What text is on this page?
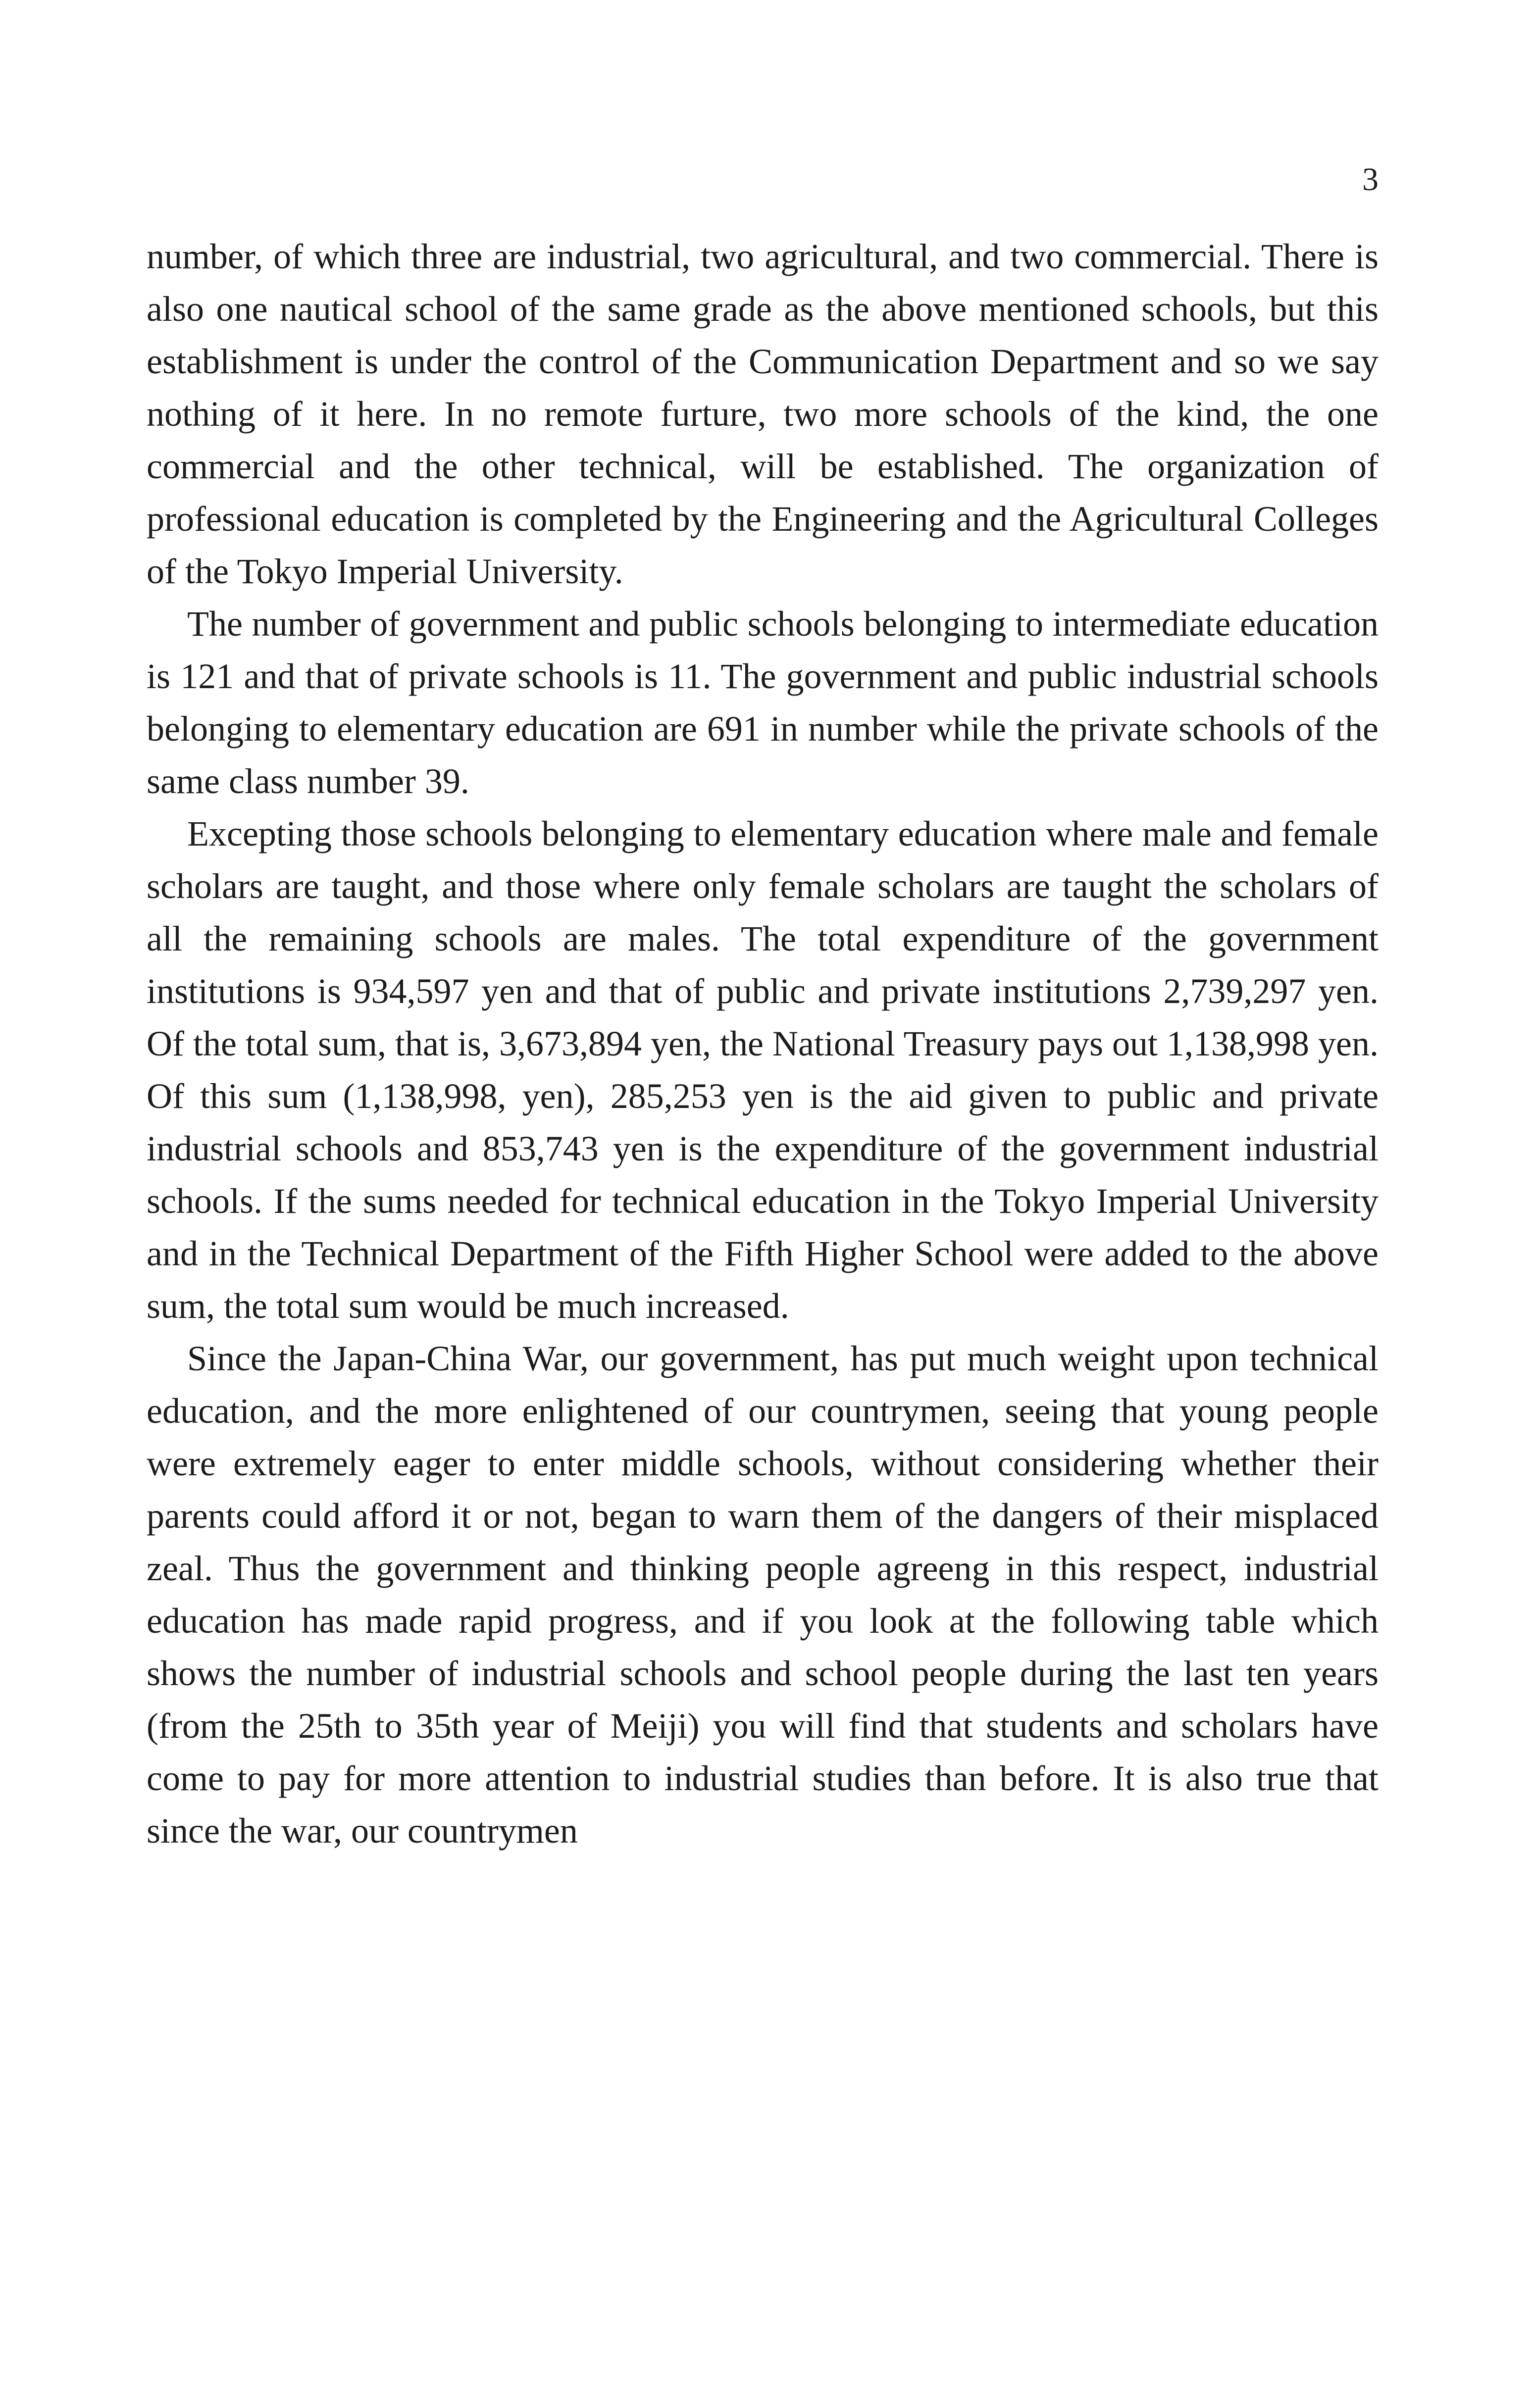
3

number, of which three are industrial, two agricultural, and two commercial. There is also one nautical school of the same grade as the above mentioned schools, but this establishment is under the control of the Communication Department and so we say nothing of it here. In no remote furture, two more schools of the kind, the one commercial and the other technical, will be established. The organization of professional education is completed by the Engineering and the Agricultural Colleges of the Tokyo Imperial University.

The number of government and public schools belonging to intermediate education is 121 and that of private schools is 11. The government and public industrial schools belonging to elementary education are 691 in number while the private schools of the same class number 39.

Excepting those schools belonging to elementary education where male and female scholars are taught, and those where only female scholars are taught the scholars of all the remaining schools are males. The total expenditure of the government institutions is 934,597 yen and that of public and private institutions 2,739,297 yen. Of the total sum, that is, 3,673,894 yen, the National Treasury pays out 1,138,998 yen. Of this sum (1,138,998, yen), 285,253 yen is the aid given to public and private industrial schools and 853,743 yen is the expenditure of the government industrial schools. If the sums needed for technical education in the Tokyo Imperial University and in the Technical Department of the Fifth Higher School were added to the above sum, the total sum would be much increased.

Since the Japan-China War, our government, has put much weight upon technical education, and the more enlightened of our countrymen, seeing that young people were extremely eager to enter middle schools, without considering whether their parents could afford it or not, began to warn them of the dangers of their misplaced zeal. Thus the government and thinking people agreeng in this respect, industrial education has made rapid progress, and if you look at the following table which shows the number of industrial schools and school people during the last ten years (from the 25th to 35th year of Meiji) you will find that students and scholars have come to pay for more attention to industrial studies than before. It is also true that since the war, our countrymen
